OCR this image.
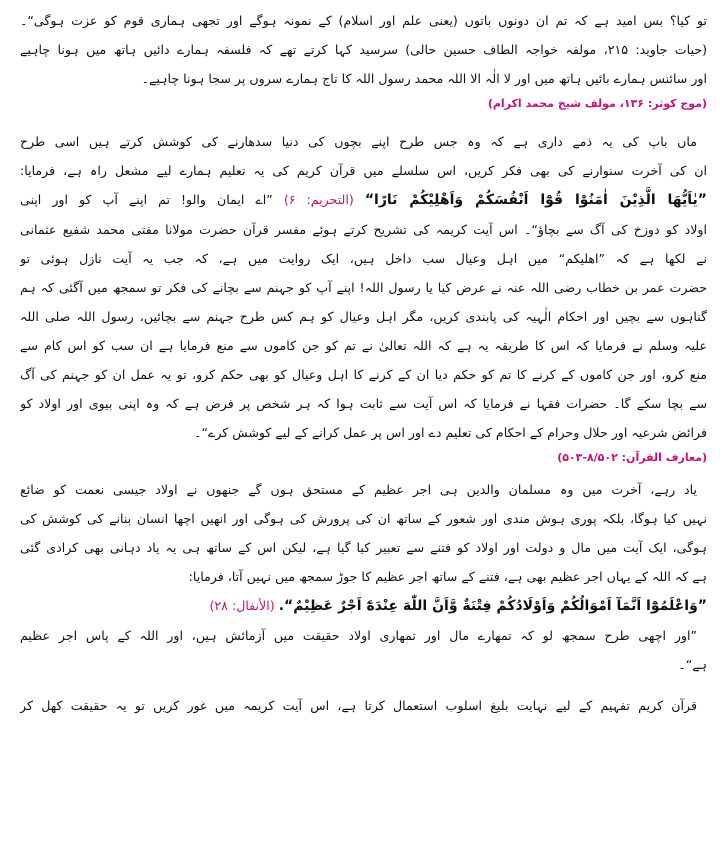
تو کیا؟ بس امید ہے کہ تم ان دونوں باتوں (یعنی علم اور اسلام) کے نمونہ ہوگے اور تجھی ہماری قوم کو عزت ہوگی“۔
(حیات جاوید: ۲۱۵، مولفہ خواجہ الطاف حسین حالی) سرسید کہا کرتے تھے کہ فلسفہ ہمارے دائیں ہاتھ میں ہونا چاہیے
اور سائنس ہمارے بائیں ہاتھ میں اور لا الٰہ الا اللہ محمد رسول اللہ کا تاج ہمارے سروں پر سجا ہونا چاہیے۔
(موج کوثر: ۱۳۶، مولف شیخ محمد اکرام)
ماں باپ کی یہ ذمے داری ہے کہ وہ جس طرح اپنے بچوں کی دنیا سدھارنے کی کوشش کرتے ہیں اسی طرح
ان کی آخرت سنوارنے کی بھی فکر کریں، اس سلسلے میں قرآن کریم کی یہ تعلیم ہمارے لیے مشعل راہ ہے، فرمایا:
”یٰاَیُّهَا الَّذِیْنَ اٰمَنُوْا قُوْٓا اَنْفُسَکُمْ وَاَهْلِیْکُمْ نَارًا“ (التحریم: ۶) ”اے ایمان والو! تم اپنے آپ کو اور اپنی
اولاد کو دوزخ کی آگ سے بچاؤ“۔ اس آیت کریمہ کی تشریح کرتے ہوئے مفسر قرآن حضرت مولانا مفتی محمد شفیع عثمانی
نے لکھا ہے کہ ”اهلیکم“ میں اہل وعیال سب داخل ہیں، ایک روایت میں ہے، کہ جب یہ آیت نازل ہوئی تو
حضرت عمر بن خطاب رضی اللہ عنہ نے عرض کیا یا رسول اللہ! اپنے آپ کو جہنم سے بچانے کی فکر تو سمجھ میں آگئی کہ ہم
گناہوں سے بچیں اور احکام الٰہیہ کی پابندی کریں، مگر اہل وعیال کو ہم کس طرح جہنم سے بچائیں، رسول اللہ صلی اللہ
علیہ وسلم نے فرمایا کہ اس کا طریقہ یہ ہے کہ اللہ تعالیٰ نے تم کو جن کاموں سے منع فرمایا ہے ان سب کو اس کام سے
منع کرو، اور جن کاموں کے کرنے کا تم کو حکم دیا ان کے کرنے کا اہل وعیال کو بھی حکم کرو، تو یہ عمل ان کو جہنم کی آگ
سے بچا سکے گا۔ حضرات فقہا نے فرمایا کہ اس آیت سے ثابت ہوا کہ ہر شخص پر فرض ہے کہ وہ اپنی بیوی اور اولاد کو
فرائض شرعیہ اور حلال وحرام کے احکام کی تعلیم دے اور اس پر عمل کرانے کے لیے کوشش کرے“۔
(معارف القرآن: ۸/۵۰۲-۵۰۳)
یاد رہے، آخرت میں وہ مسلمان والدین ہی اجر عظیم کے مستحق ہوں گے جنھوں نے اولاد جیسی نعمت کو ضائع
نہیں کیا ہوگا، بلکہ پوری ہوش مندی اور شعور کے ساتھ ان کی پرورش کی ہوگی اور انھیں اچھا انسان بنانے کی کوشش کی
ہوگی، ایک آیت میں مال و دولت اور اولاد کو فتنے سے تعبیر کیا گیا ہے، لیکن اس کے ساتھ ہی یہ یاد دہانی بھی کرادی گئی
ہے کہ اللہ کے یہاں اجر عظیم بھی ہے، فتنے کے ساتھ اجر عظیم کا جوڑ سمجھ میں نہیں آتا، فرمایا:
”وَاعْلَمُوْٓا اَنَّمَآ اَمْوَالُکُمْ وَاَوْلَادُکُمْ فِتْنَةٌ وَّاَنَّ اللّٰهَ عِنْدَهٗٓ اَجْرٌ عَظِیْمٌ“. (الأنفال: ۲۸)
”اور اچھی طرح سمجھ لو کہ تمھارے مال اور تمھاری اولاد حقیقت میں آزمائش ہیں، اور اللہ کے پاس اجر عظیم
ہے“۔
قرآن کریم تفہیم کے لیے نہایت بلیغ اسلوب استعمال کرتا ہے، اس آیت کریمہ میں غور کریں تو یہ حقیقت کھل کر
